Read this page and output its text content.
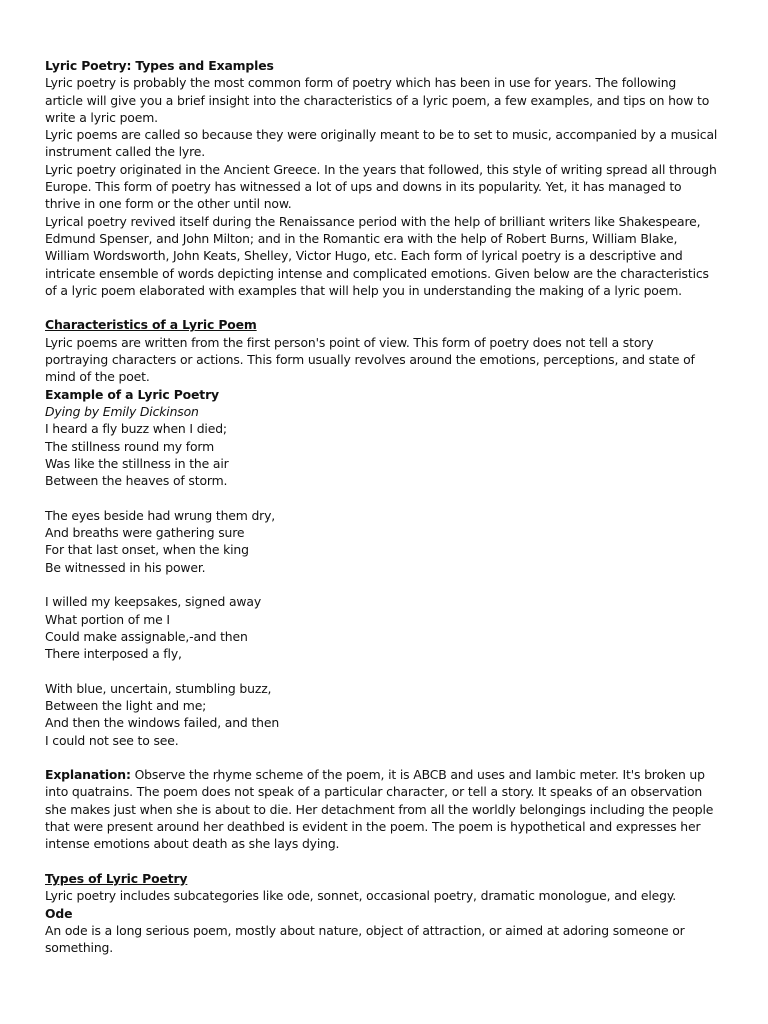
Lyric Poetry: Types and Examples
Lyric poetry is probably the most common form of poetry which has been in use for years. The following
article will give you a brief insight into the characteristics of a lyric poem, a few examples, and tips on how to
write a lyric poem.
Lyric poems are called so because they were originally meant to be to set to music, accompanied by a musical
instrument called the lyre.
Lyric poetry originated in the Ancient Greece. In the years that followed, this style of writing spread all through
Europe. This form of poetry has witnessed a lot of ups and downs in its popularity. Yet, it has managed to
thrive in one form or the other until now.
Lyrical poetry revived itself during the Renaissance period with the help of brilliant writers like Shakespeare,
Edmund Spenser, and John Milton; and in the Romantic era with the help of Robert Burns, William Blake,
William Wordsworth, John Keats, Shelley, Victor Hugo, etc. Each form of lyrical poetry is a descriptive and
intricate ensemble of words depicting intense and complicated emotions. Given below are the characteristics
of a lyric poem elaborated with examples that will help you in understanding the making of a lyric poem.
Characteristics of a Lyric Poem
Lyric poems are written from the first person's point of view. This form of poetry does not tell a story
portraying characters or actions. This form usually revolves around the emotions, perceptions, and state of
mind of the poet.
Example of a Lyric Poetry
Dying by Emily Dickinson
I heard a fly buzz when I died;
The stillness round my form
Was like the stillness in the air
Between the heaves of storm.
The eyes beside had wrung them dry,
And breaths were gathering sure
For that last onset, when the king
Be witnessed in his power.
I willed my keepsakes, signed away
What portion of me I
Could make assignable,-and then
There interposed a fly,
With blue, uncertain, stumbling buzz,
Between the light and me;
And then the windows failed, and then
I could not see to see.
Explanation: Observe the rhyme scheme of the poem, it is ABCB and uses and Iambic meter. It's broken up
into quatrains. The poem does not speak of a particular character, or tell a story. It speaks of an observation
she makes just when she is about to die. Her detachment from all the worldly belongings including the people
that were present around her deathbed is evident in the poem. The poem is hypothetical and expresses her
intense emotions about death as she lays dying.
Types of Lyric Poetry
Lyric poetry includes subcategories like ode, sonnet, occasional poetry, dramatic monologue, and elegy.
Ode
An ode is a long serious poem, mostly about nature, object of attraction, or aimed at adoring someone or
something.
